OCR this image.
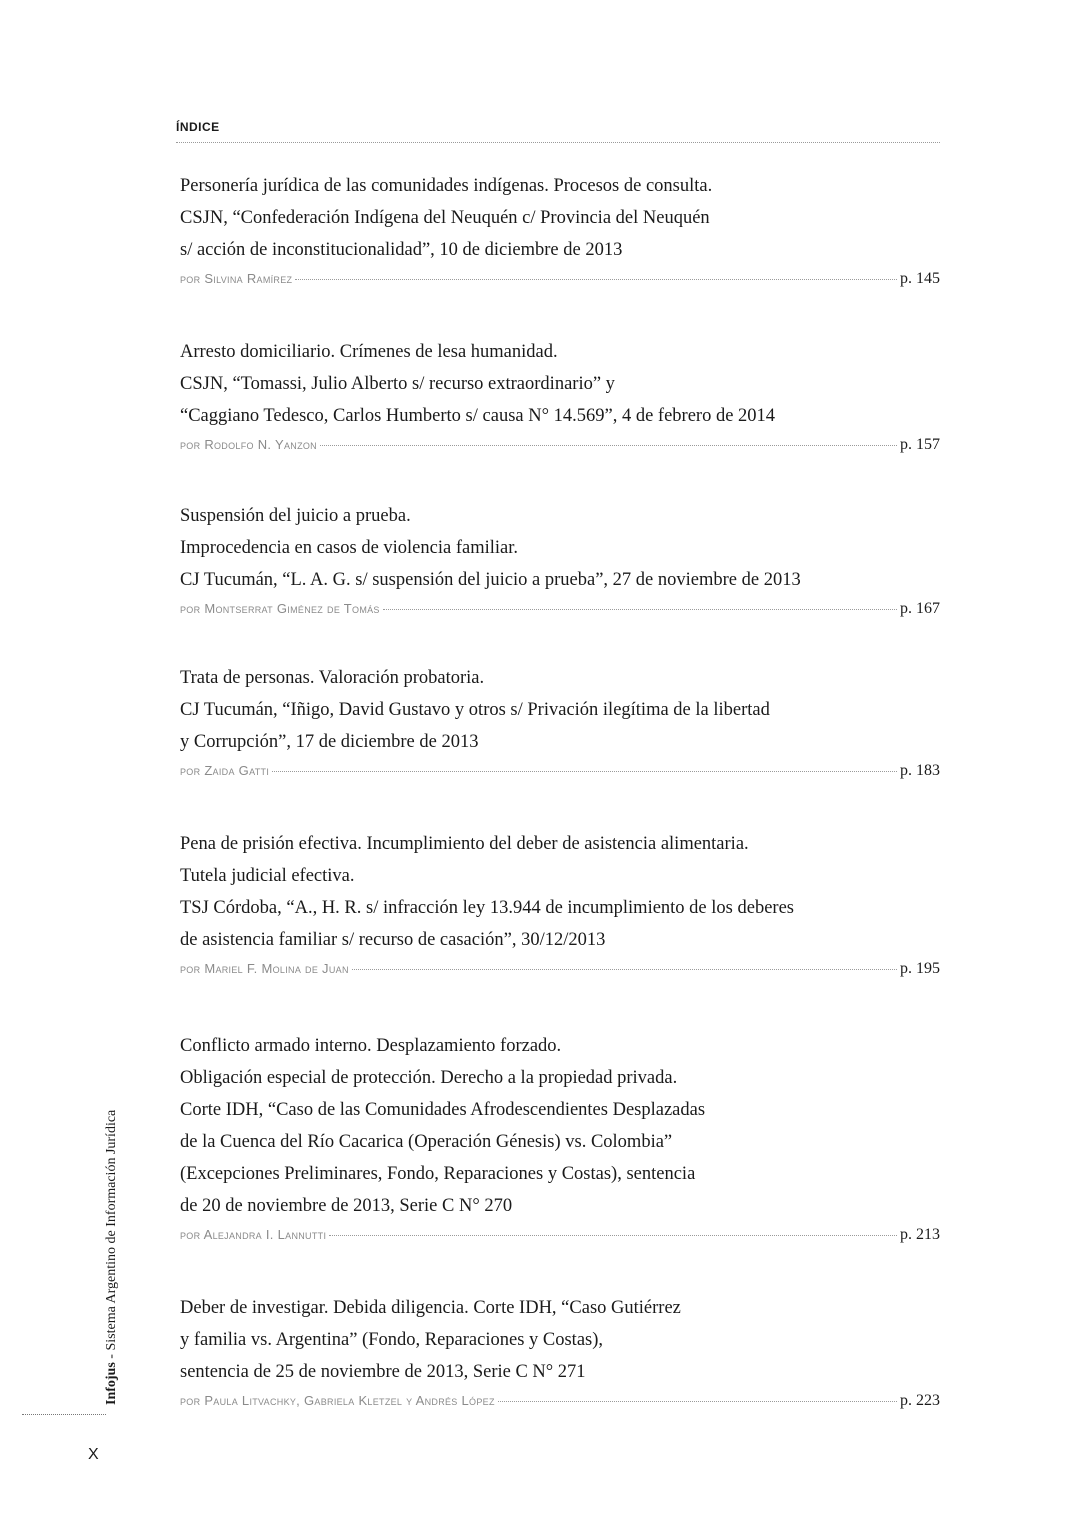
ÍNDICE
Personería jurídica de las comunidades indígenas. Procesos de consulta.
CSJN, “Confederación Indígena del Neuquén c/ Provincia del Neuquén
s/ acción de inconstitucionalidad”, 10 de diciembre de 2013
por Silvina Ramírez	p. 145
Arresto domiciliario. Crímenes de lesa humanidad.
CSJN, “Tomassi, Julio Alberto s/ recurso extraordinario” y
“Caggiano Tedesco, Carlos Humberto s/ causa N° 14.569”, 4 de febrero de 2014
por Rodolfo N. Yanzon	p. 157
Suspensión del juicio a prueba.
Improcedencia en casos de violencia familiar.
CJ Tucumán, “L. A. G. s/ suspensión del juicio a prueba”, 27 de noviembre de 2013
por Montserrat Giménez de Tomás	p. 167
Trata de personas. Valoración probatoria.
CJ Tucumán, “Iñigo, David Gustavo y otros s/ Privación ilegítima de la libertad
y Corrupción”, 17 de diciembre de 2013
por Zaida Gatti	p. 183
Pena de prisión efectiva. Incumplimiento del deber de asistencia alimentaria.
Tutela judicial efectiva.
TSJ Córdoba, “A., H. R. s/ infracción ley 13.944 de incumplimiento de los deberes
de asistencia familiar s/ recurso de casación”, 30/12/2013
por Mariel F. Molina de Juan	p. 195
Conflicto armado interno. Desplazamiento forzado.
Obligación especial de protección. Derecho a la propiedad privada.
Corte IDH, “Caso de las Comunidades Afrodescendientes Desplazadas
de la Cuenca del Río Cacarica (Operación Génesis) vs. Colombia”
(Excepciones Preliminares, Fondo, Reparaciones y Costas), sentencia
de 20 de noviembre de 2013, Serie C N° 270
por Alejandra I. Lannutti	p. 213
Deber de investigar. Debida diligencia. Corte IDH, “Caso Gutiérrez
y familia vs. Argentina” (Fondo, Reparaciones y Costas),
sentencia de 25 de noviembre de 2013, Serie C N° 271
por Paula Litvachky, Gabriela Kletzel y Andrés López	p. 223
Infojus - Sistema Argentino de Información Jurídica
X
